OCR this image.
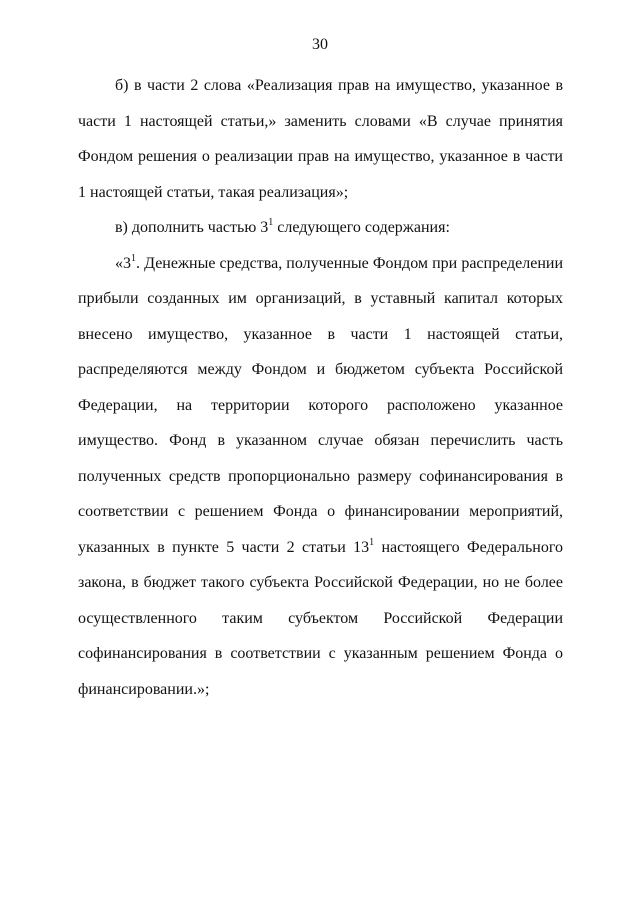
30

б) в части 2 слова «Реализация прав на имущество, указанное в части 1 настоящей статьи,» заменить словами «В случае принятия Фондом решения о реализации прав на имущество, указанное в части 1 настоящей статьи, такая реализация»;

в) дополнить частью $3^1$ следующего содержания:

«$3^1$. Денежные средства, полученные Фондом при распределении прибыли созданных им организаций, в уставный капитал которых внесено имущество, указанное в части 1 настоящей статьи, распределяются между Фондом и бюджетом субъекта Российской Федерации, на территории которого расположено указанное имущество. Фонд в указанном случае обязан перечислить часть полученных средств пропорционально размеру софинансирования в соответствии с решением Фонда о финансировании мероприятий, указанных в пункте 5 части 2 статьи $13^1$ настоящего Федерального закона, в бюджет такого субъекта Российской Федерации, но не более осуществленного таким субъектом Российской Федерации софинансирования в соответствии с указанным решением Фонда о финансировании.»;
